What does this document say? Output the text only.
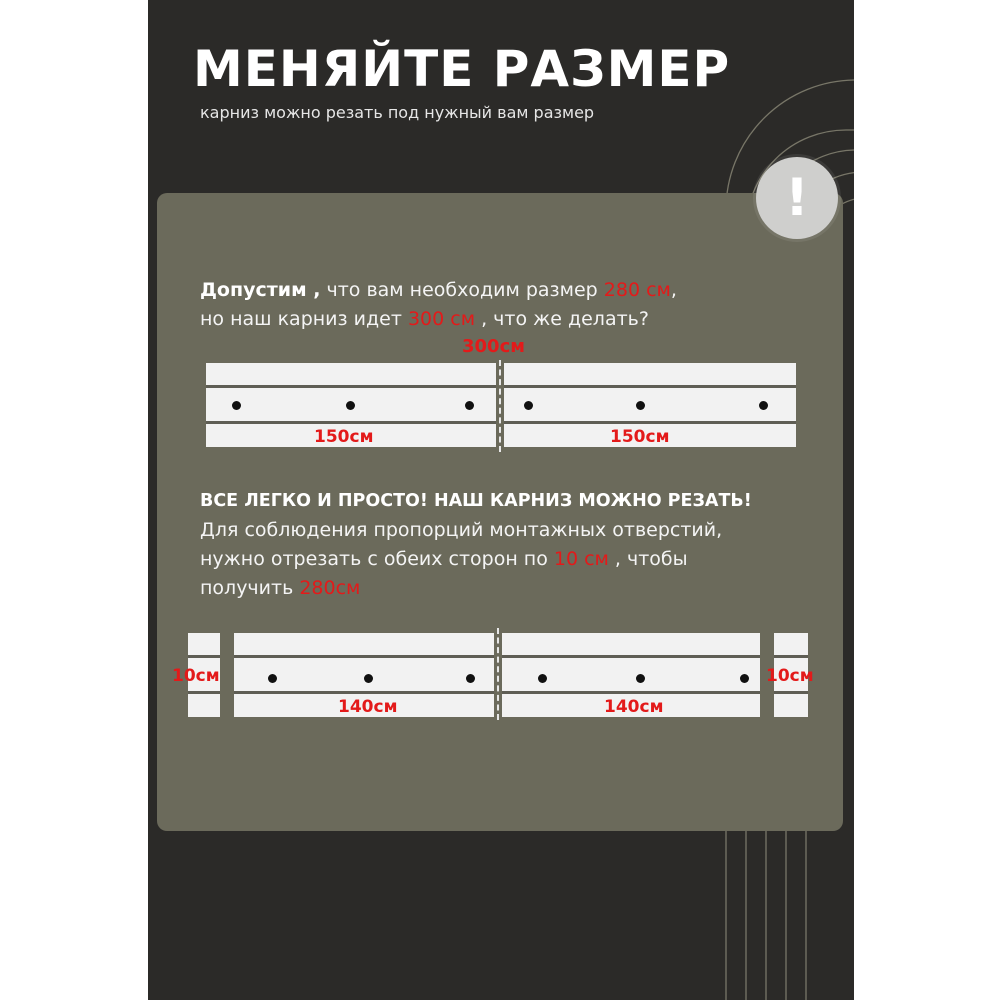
МЕНЯЙТЕ РАЗМЕР
карниз можно резать под нужный вам размер
!
Допустим , что вам необходим размер 280 см,
но наш карниз идет 300 см , что же делать?
300см
150см	150см
ВСЕ ЛЕГКО И ПРОСТО! НАШ КАРНИЗ МОЖНО РЕЗАТЬ!
Для соблюдения пропорций монтажных отверстий,
нужно отрезать с обеих сторон по 10 см , чтобы
получить 280см
10см
140см	140см
10см
